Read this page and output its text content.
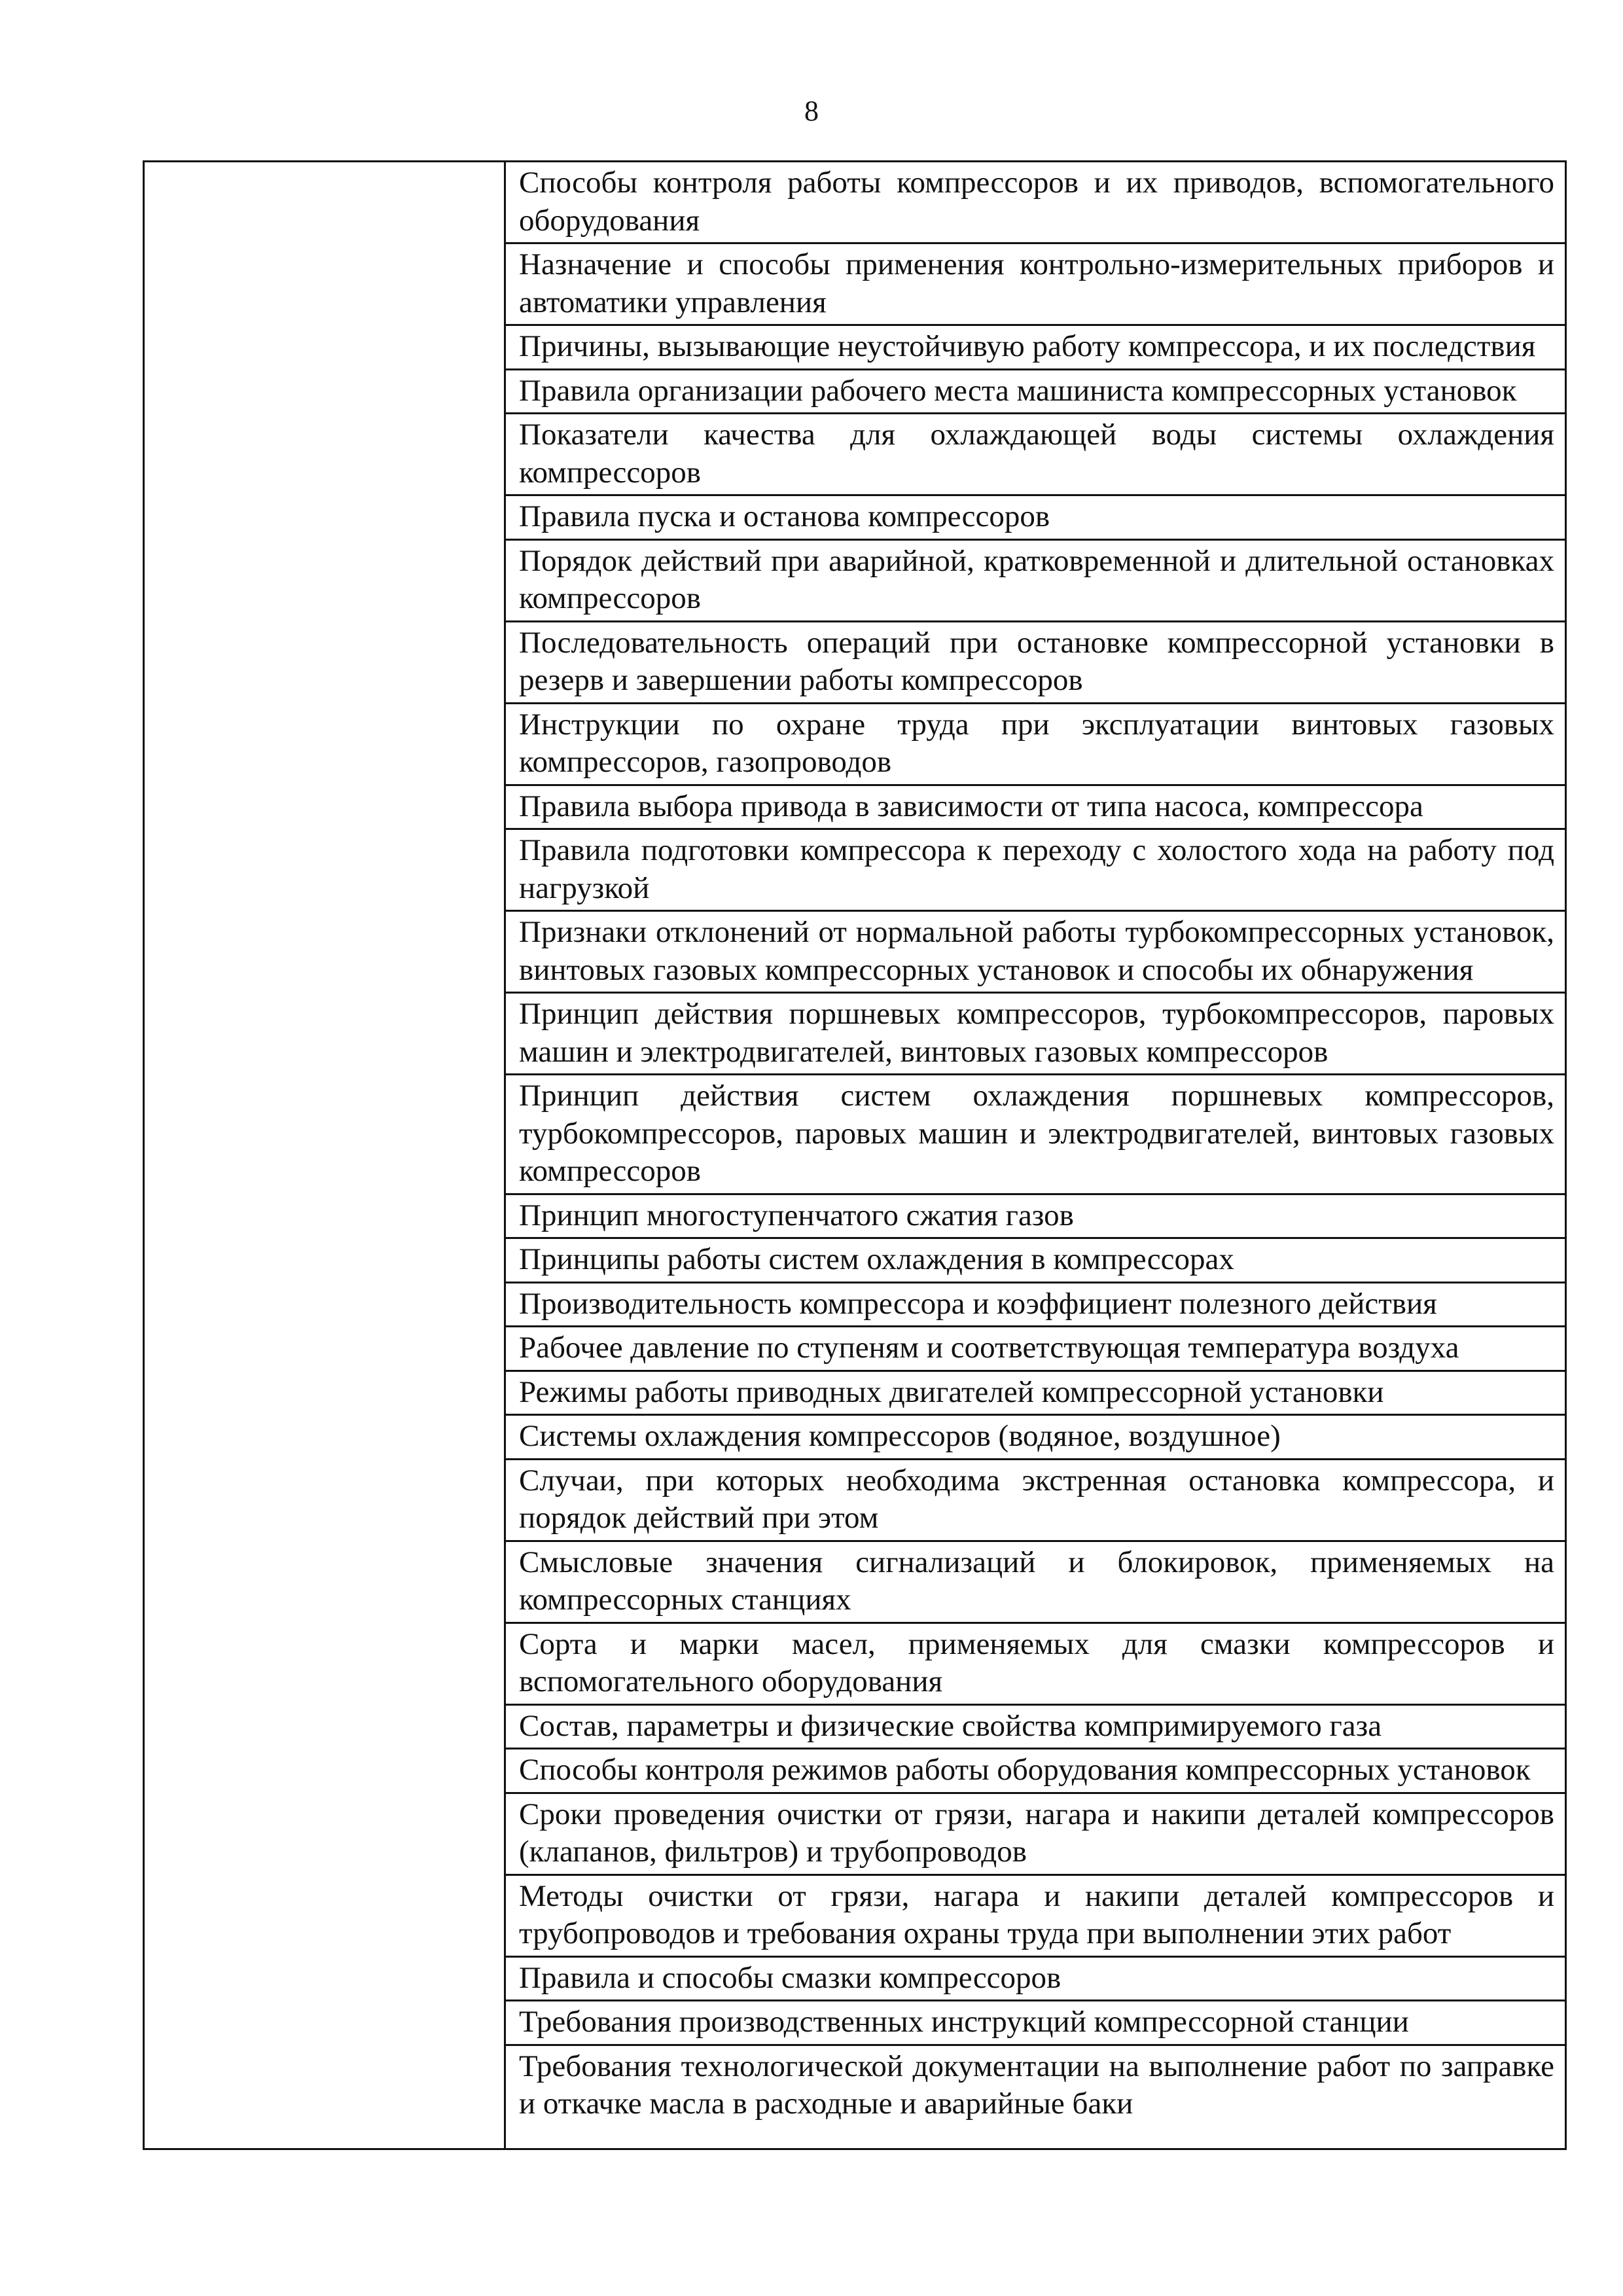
8
Способы контроля работы компрессоров и их приводов, вспомогательного оборудования
Назначение и способы применения контрольно-измерительных приборов и автоматики управления
Причины, вызывающие неустойчивую работу компрессора, и их последствия
Правила организации рабочего места машиниста компрессорных установок
Показатели качества для охлаждающей воды системы охлаждения компрессоров
Правила пуска и останова компрессоров
Порядок действий при аварийной, кратковременной и длительной остановках компрессоров
Последовательность операций при остановке компрессорной установки в резерв и завершении работы компрессоров
Инструкции по охране труда при эксплуатации винтовых газовых компрессоров, газопроводов
Правила выбора привода в зависимости от типа насоса, компрессора
Правила подготовки компрессора к переходу с холостого хода на работу под нагрузкой
Признаки отклонений от нормальной работы турбокомпрессорных установок, винтовых газовых компрессорных установок и способы их обнаружения
Принцип действия поршневых компрессоров, турбокомпрессоров, паровых машин и электродвигателей, винтовых газовых компрессоров
Принцип действия систем охлаждения поршневых компрессоров, турбокомпрессоров, паровых машин и электродвигателей, винтовых газовых компрессоров
Принцип многоступенчатого сжатия газов
Принципы работы систем охлаждения в компрессорах
Производительность компрессора и коэффициент полезного действия
Рабочее давление по ступеням и соответствующая температура воздуха
Режимы работы приводных двигателей компрессорной установки
Системы охлаждения компрессоров (водяное, воздушное)
Случаи, при которых необходима экстренная остановка компрессора, и порядок действий при этом
Смысловые значения сигнализаций и блокировок, применяемых на компрессорных станциях
Сорта и марки масел, применяемых для смазки компрессоров и вспомогательного оборудования
Состав, параметры и физические свойства компримируемого газа
Способы контроля режимов работы оборудования компрессорных установок
Сроки проведения очистки от грязи, нагара и накипи деталей компрессоров (клапанов, фильтров) и трубопроводов
Методы очистки от грязи, нагара и накипи деталей компрессоров и трубопроводов и требования охраны труда при выполнении этих работ
Правила и способы смазки компрессоров
Требования производственных инструкций компрессорной станции
Требования технологической документации на выполнение работ по заправке и откачке масла в расходные и аварийные баки
